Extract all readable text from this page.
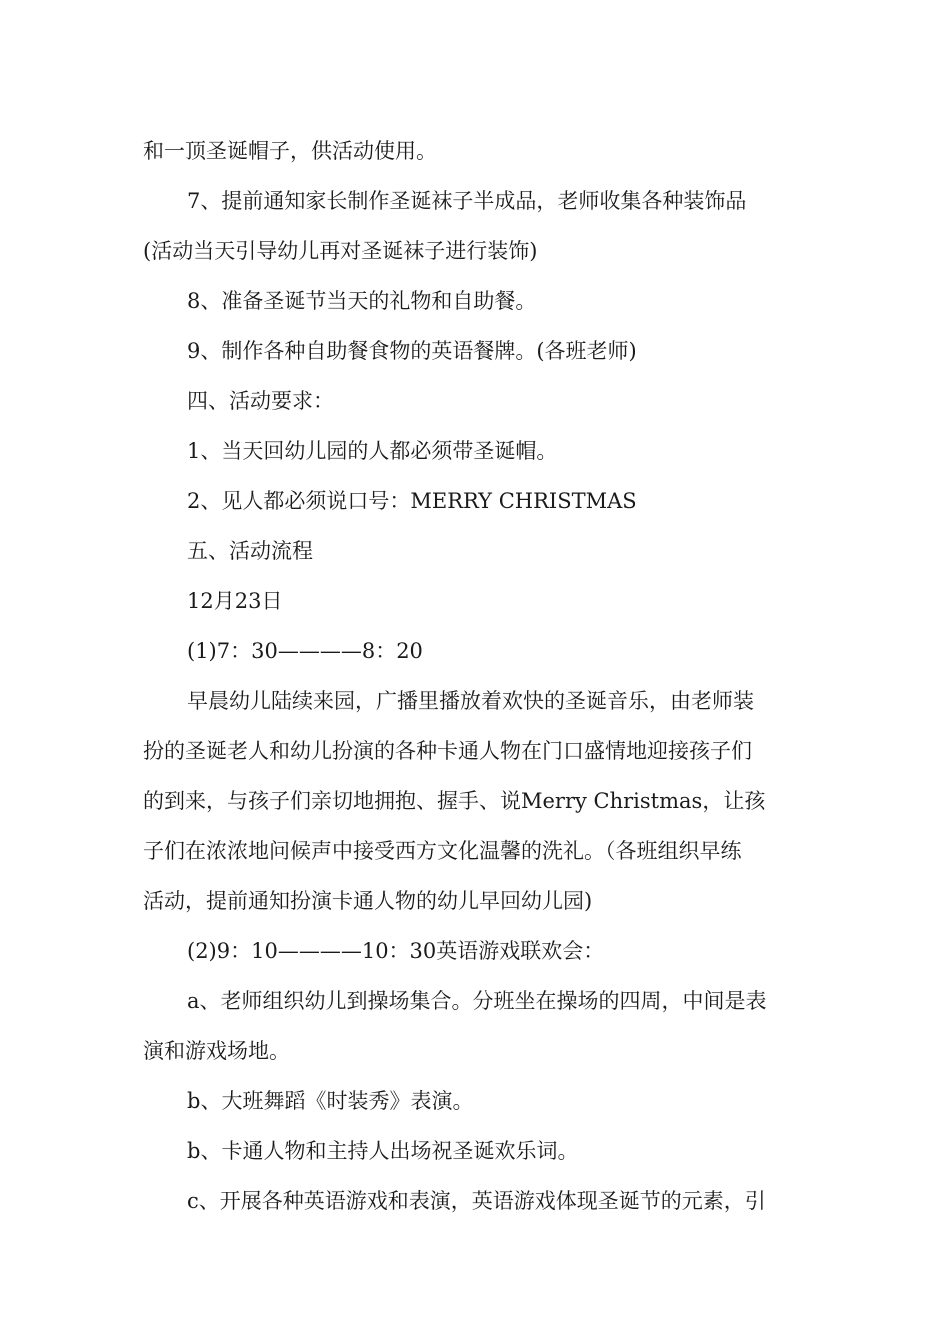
和一顶圣诞帽子，供活动使用。
7、提前通知家长制作圣诞袜子半成品，老师收集各种装饰品
(活动当天引导幼儿再对圣诞袜子进行装饰)
8、准备圣诞节当天的礼物和自助餐。
9、制作各种自助餐食物的英语餐牌。(各班老师)
四、活动要求：
1、当天回幼儿园的人都必须带圣诞帽。
2、见人都必须说口号：MERRY CHRISTMAS
五、活动流程
12月23日
(1)7：30————8：20
早晨幼儿陆续来园，广播里播放着欢快的圣诞音乐，由老师装
扮的圣诞老人和幼儿扮演的各种卡通人物在门口盛情地迎接孩子们
的到来，与孩子们亲切地拥抱、握手、说Merry Christmas，让孩
子们在浓浓地问候声中接受西方文化温馨的洗礼。（各班组织早练
活动，提前通知扮演卡通人物的幼儿早回幼儿园)
(2)9：10————10：30英语游戏联欢会：
a、老师组织幼儿到操场集合。分班坐在操场的四周，中间是表
演和游戏场地。
b、大班舞蹈《时装秀》表演。
b、卡通人物和主持人出场祝圣诞欢乐词。
c、开展各种英语游戏和表演，英语游戏体现圣诞节的元素，引
